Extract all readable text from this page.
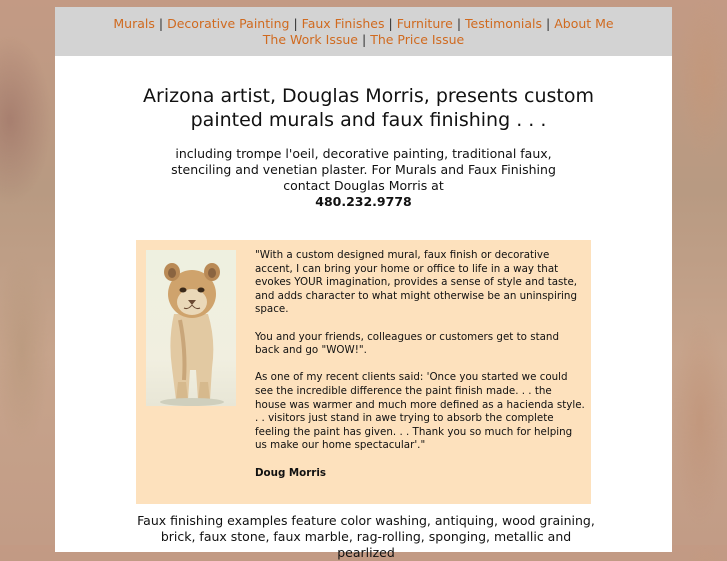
Murals | Decorative Painting | Faux Finishes | Furniture | Testimonials | About Me
The Work Issue | The Price Issue
Arizona artist, Douglas Morris, presents custom painted murals and faux finishing . . .
including trompe l'oeil, decorative painting, traditional faux, stenciling and venetian plaster. For Murals and Faux Finishing contact Douglas Morris at
480.232.9778

"With a custom designed mural, faux finish or decorative accent, I can bring your home or office to life in a way that evokes YOUR imagination, provides a sense of style and taste, and adds character to what might otherwise be an uninspiring space.

You and your friends, colleagues or customers get to stand back and go "WOW!".

As one of my recent clients said: 'Once you started we could see the incredible difference the paint finish made. . . the house was warmer and much more defined as a hacienda style. . . visitors just stand in awe trying to absorb the complete feeling the paint has given. . . Thank you so much for helping us make our home spectacular'."

Doug Morris

Faux finishing examples feature color washing, antiquing, wood graining, brick, faux stone, faux marble, rag-rolling, sponging, metallic and pearlized
